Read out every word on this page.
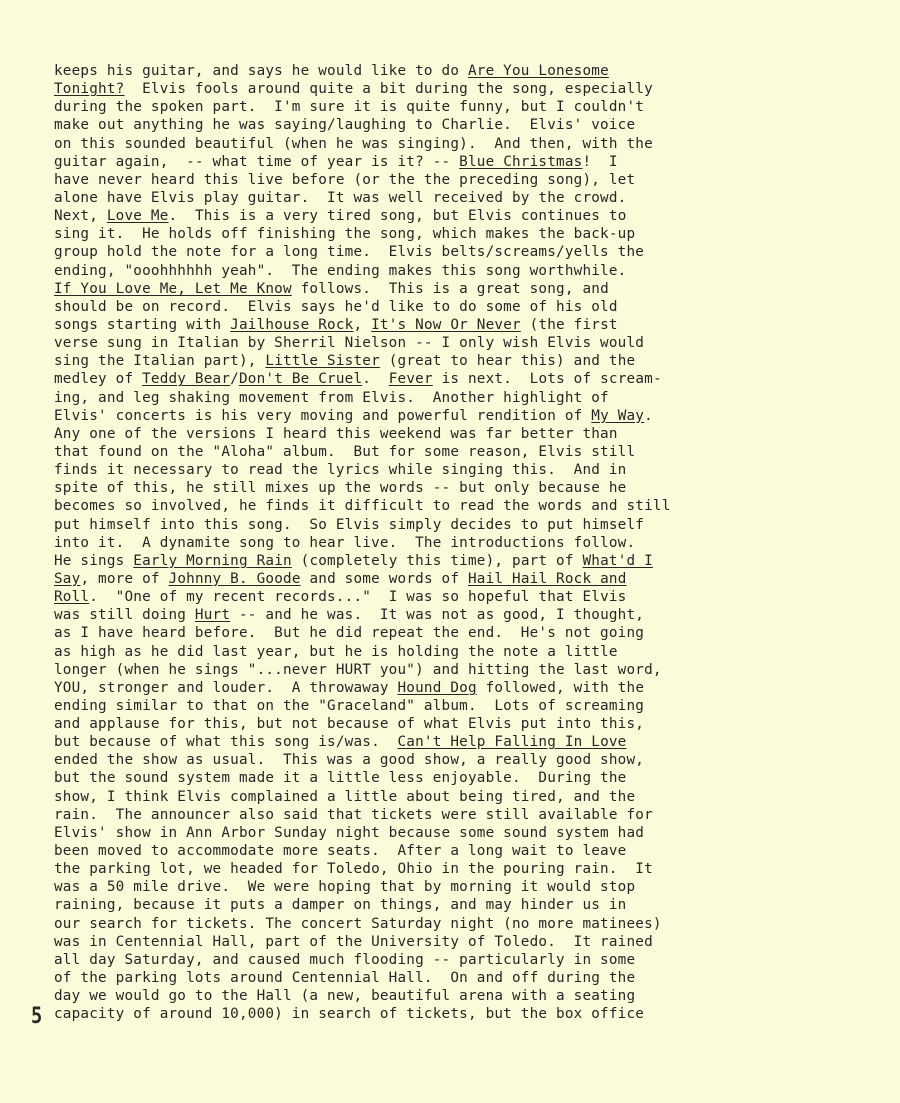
keeps his guitar, and says he would like to do Are You Lonesome
Tonight?  Elvis fools around quite a bit during the song, especially
during the spoken part.  I'm sure it is quite funny, but I couldn't
make out anything he was saying/laughing to Charlie.  Elvis' voice
on this sounded beautiful (when he was singing).  And then, with the
guitar again,  -- what time of year is it? -- Blue Christmas!  I
have never heard this live before (or the the preceding song), let
alone have Elvis play guitar.  It was well received by the crowd.
Next, Love Me.  This is a very tired song, but Elvis continues to
sing it.  He holds off finishing the song, which makes the back-up
group hold the note for a long time.  Elvis belts/screams/yells the
ending, "ooohhhhhh yeah".  The ending makes this song worthwhile.
If You Love Me, Let Me Know follows.  This is a great song, and
should be on record.  Elvis says he'd like to do some of his old
songs starting with Jailhouse Rock, It's Now Or Never (the first
verse sung in Italian by Sherril Nielson -- I only wish Elvis would
sing the Italian part), Little Sister (great to hear this) and the
medley of Teddy Bear/Don't Be Cruel.  Fever is next.  Lots of scream-
ing, and leg shaking movement from Elvis.  Another highlight of
Elvis' concerts is his very moving and powerful rendition of My Way.
Any one of the versions I heard this weekend was far better than
that found on the "Aloha" album.  But for some reason, Elvis still
finds it necessary to read the lyrics while singing this.  And in
spite of this, he still mixes up the words -- but only because he
becomes so involved, he finds it difficult to read the words and still
put himself into this song.  So Elvis simply decides to put himself
into it.  A dynamite song to hear live.  The introductions follow.
He sings Early Morning Rain (completely this time), part of What'd I
Say, more of Johnny B. Goode and some words of Hail Hail Rock and
Roll.  "One of my recent records..."  I was so hopeful that Elvis
was still doing Hurt -- and he was.  It was not as good, I thought,
as I have heard before.  But he did repeat the end.  He's not going
as high as he did last year, but he is holding the note a little
longer (when he sings "...never HURT you") and hitting the last word,
YOU, stronger and louder.  A throwaway Hound Dog followed, with the
ending similar to that on the "Graceland" album.  Lots of screaming
and applause for this, but not because of what Elvis put into this,
but because of what this song is/was.  Can't Help Falling In Love
ended the show as usual.  This was a good show, a really good show,
but the sound system made it a little less enjoyable.  During the
show, I think Elvis complained a little about being tired, and the
rain.  The announcer also said that tickets were still available for
Elvis' show in Ann Arbor Sunday night because some sound system had
been moved to accommodate more seats.  After a long wait to leave
the parking lot, we headed for Toledo, Ohio in the pouring rain.  It
was a 50 mile drive.  We were hoping that by morning it would stop
raining, because it puts a damper on things, and may hinder us in
our search for tickets. The concert Saturday night (no more matinees)
was in Centennial Hall, part of the University of Toledo.  It rained
all day Saturday, and caused much flooding -- particularly in some
of the parking lots around Centennial Hall.  On and off during the
day we would go to the Hall (a new, beautiful arena with a seating
capacity of around 10,000) in search of tickets, but the box office
5
